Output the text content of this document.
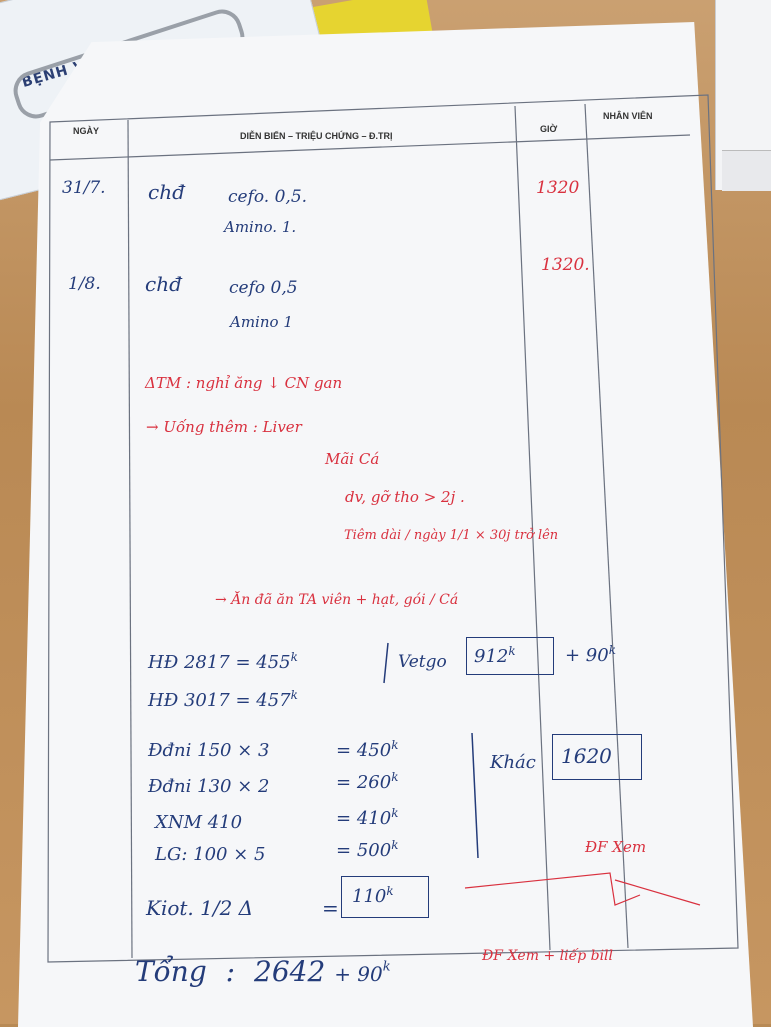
NGÀY	DIỄN BIẾN – TRIỆU CHỨNG – Đ.TRỊ
GIỜ
NHÂN VIÊN
31/7. chđ	cefo. 0,5.
Amino. 1.
1320
1/8. chđ	cefo 0,5
Amino 1
1320.
ΔTM : nghỉ ăng ↓ CN gan
→ Uống thêm : Liver
Mãi Cá
dv, gỡ tho > 2j .
Tiêm dài / ngày 1/1 × 30j trở lên
→ Ăn đã ăn TA viên + hạt, gói / Cá
HĐ $2817 = 455^k$
HĐ $3017 = 457^k$
Vetgo $912^k$	+ $90^k$
Đđni 150 × 3	= $450^k$
Đđni 130 × 2	= $260^k$
XNM 410	= $410^k$
LG: 100 × 5	= $500^k$
Khác 1620
Kiot. 1/2 Δ	= $110^k$
ĐF Xem
ĐF Xem + liếp bill
Tổng : $2642 + 90^k$
